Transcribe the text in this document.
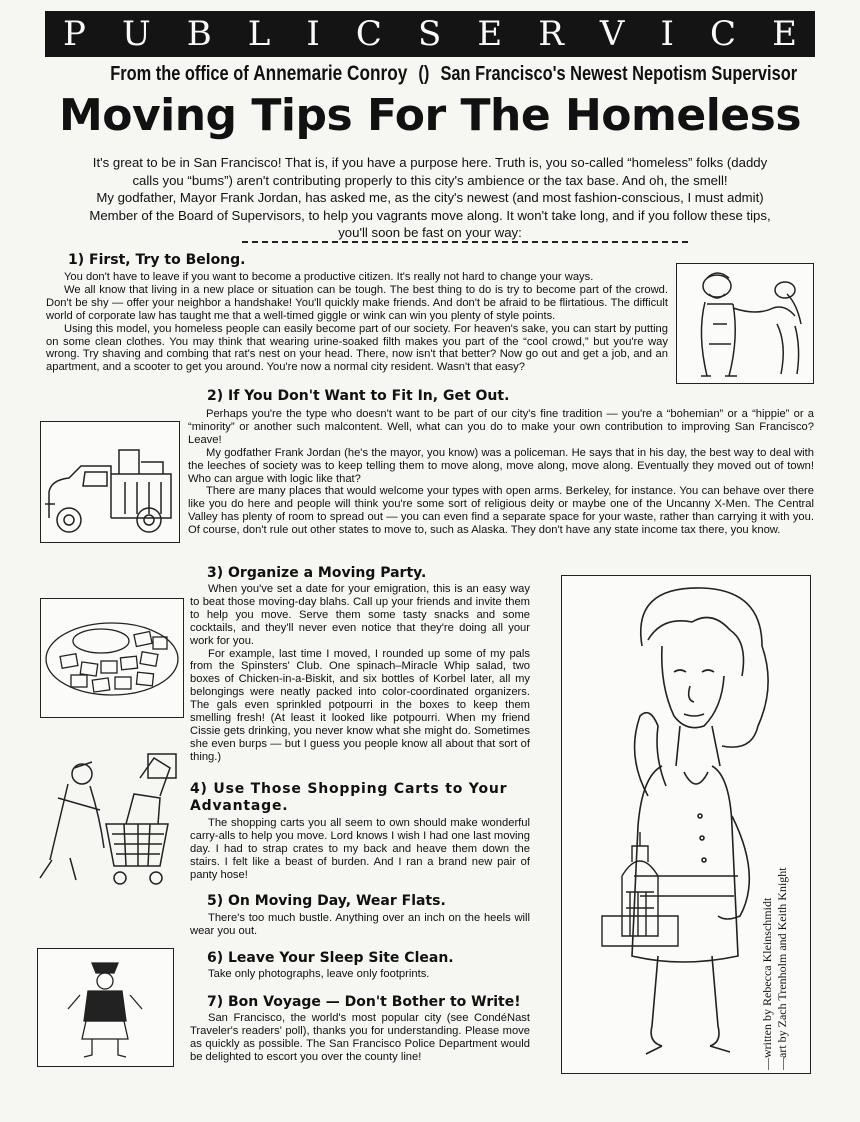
P U B L I C S E R V I C E
From the office of Annemarie Conroy () San Francisco's Newest Nepotism Supervisor
Moving Tips For The Homeless
It's great to be in San Francisco! That is, if you have a purpose here. Truth is, you so-called “homeless” folks (daddy calls you “bums”) aren't contributing properly to this city's ambience or the tax base. And oh, the smell!
My godfather, Mayor Frank Jordan, has asked me, as the city's newest (and most fashion-conscious, I must admit) Member of the Board of Supervisors, to help you vagrants move along. It won't take long, and if you follow these tips, you'll soon be fast on your way:
1) First, Try to Belong.
You don't have to leave if you want to become a productive citizen. It's really not hard to change your ways.
We all know that living in a new place or situation can be tough. The best thing to do is try to become part of the crowd. Don't be shy — offer your neighbor a handshake! You'll quickly make friends. And don't be afraid to be flirtatious. The difficult world of corporate law has taught me that a well-timed giggle or wink can win you plenty of style points.
Using this model, you homeless people can easily become part of our society. For heaven's sake, you can start by putting on some clean clothes. You may think that wearing urine-soaked filth makes you part of the “cool crowd,” but you're way wrong. Try shaving and combing that rat's nest on your head. There, now isn't that better? Now go out and get a job, and an apartment, and a scooter to get you around. You're now a normal city resident. Wasn't that easy?
2) If You Don't Want to Fit In, Get Out.
Perhaps you're the type who doesn't want to be part of our city's fine tradition — you're a “bohemian” or a “hippie” or a “minority” or another such malcontent. Well, what can you do to make your own contribution to improving San Francisco? Leave!
My godfather Frank Jordan (he's the mayor, you know) was a policeman. He says that in his day, the best way to deal with the leeches of society was to keep telling them to move along, move along, move along. Eventually they moved out of town! Who can argue with logic like that?
There are many places that would welcome your types with open arms. Berkeley, for instance. You can behave over there like you do here and people will think you're some sort of religious deity or maybe one of the Uncanny X-Men. The Central Valley has plenty of room to spread out — you can even find a separate space for your waste, rather than carrying it with you. Of course, don't rule out other states to move to, such as Alaska. They don't have any state income tax there, you know.
3) Organize a Moving Party.
When you've set a date for your emigration, this is an easy way to beat those moving-day blahs. Call up your friends and invite them to help you move. Serve them some tasty snacks and some cocktails, and they'll never even notice that they're doing all your work for you.
For example, last time I moved, I rounded up some of my pals from the Spinsters' Club. One spinach–Miracle Whip salad, two boxes of Chicken-in-a-Biskit, and six bottles of Korbel later, all my belongings were neatly packed into color-coordinated organizers. The gals even sprinkled potpourri in the boxes to keep them smelling fresh! (At least it looked like potpourri. When my friend Cissie gets drinking, you never know what she might do. Sometimes she even burps — but I guess you people know all about that sort of thing.)
4) Use Those Shopping Carts to Your Advantage.
The shopping carts you all seem to own should make wonderful carry-alls to help you move. Lord knows I wish I had one last moving day. I had to strap crates to my back and heave them down the stairs. I felt like a beast of burden. And I ran a brand new pair of panty hose!
5) On Moving Day, Wear Flats.
There's too much bustle. Anything over an inch on the heels will wear you out.
6) Leave Your Sleep Site Clean.
Take only photographs, leave only footprints.
7) Bon Voyage — Don't Bother to Write!
San Francisco, the world's most popular city (see CondéNast Traveler's readers' poll), thanks you for understanding. Please move as quickly as possible. The San Francisco Police Department would be delighted to escort you over the county line!	—written by Rebecca Kleinschmidt —art by Zach Trenholm and Keith Knight
